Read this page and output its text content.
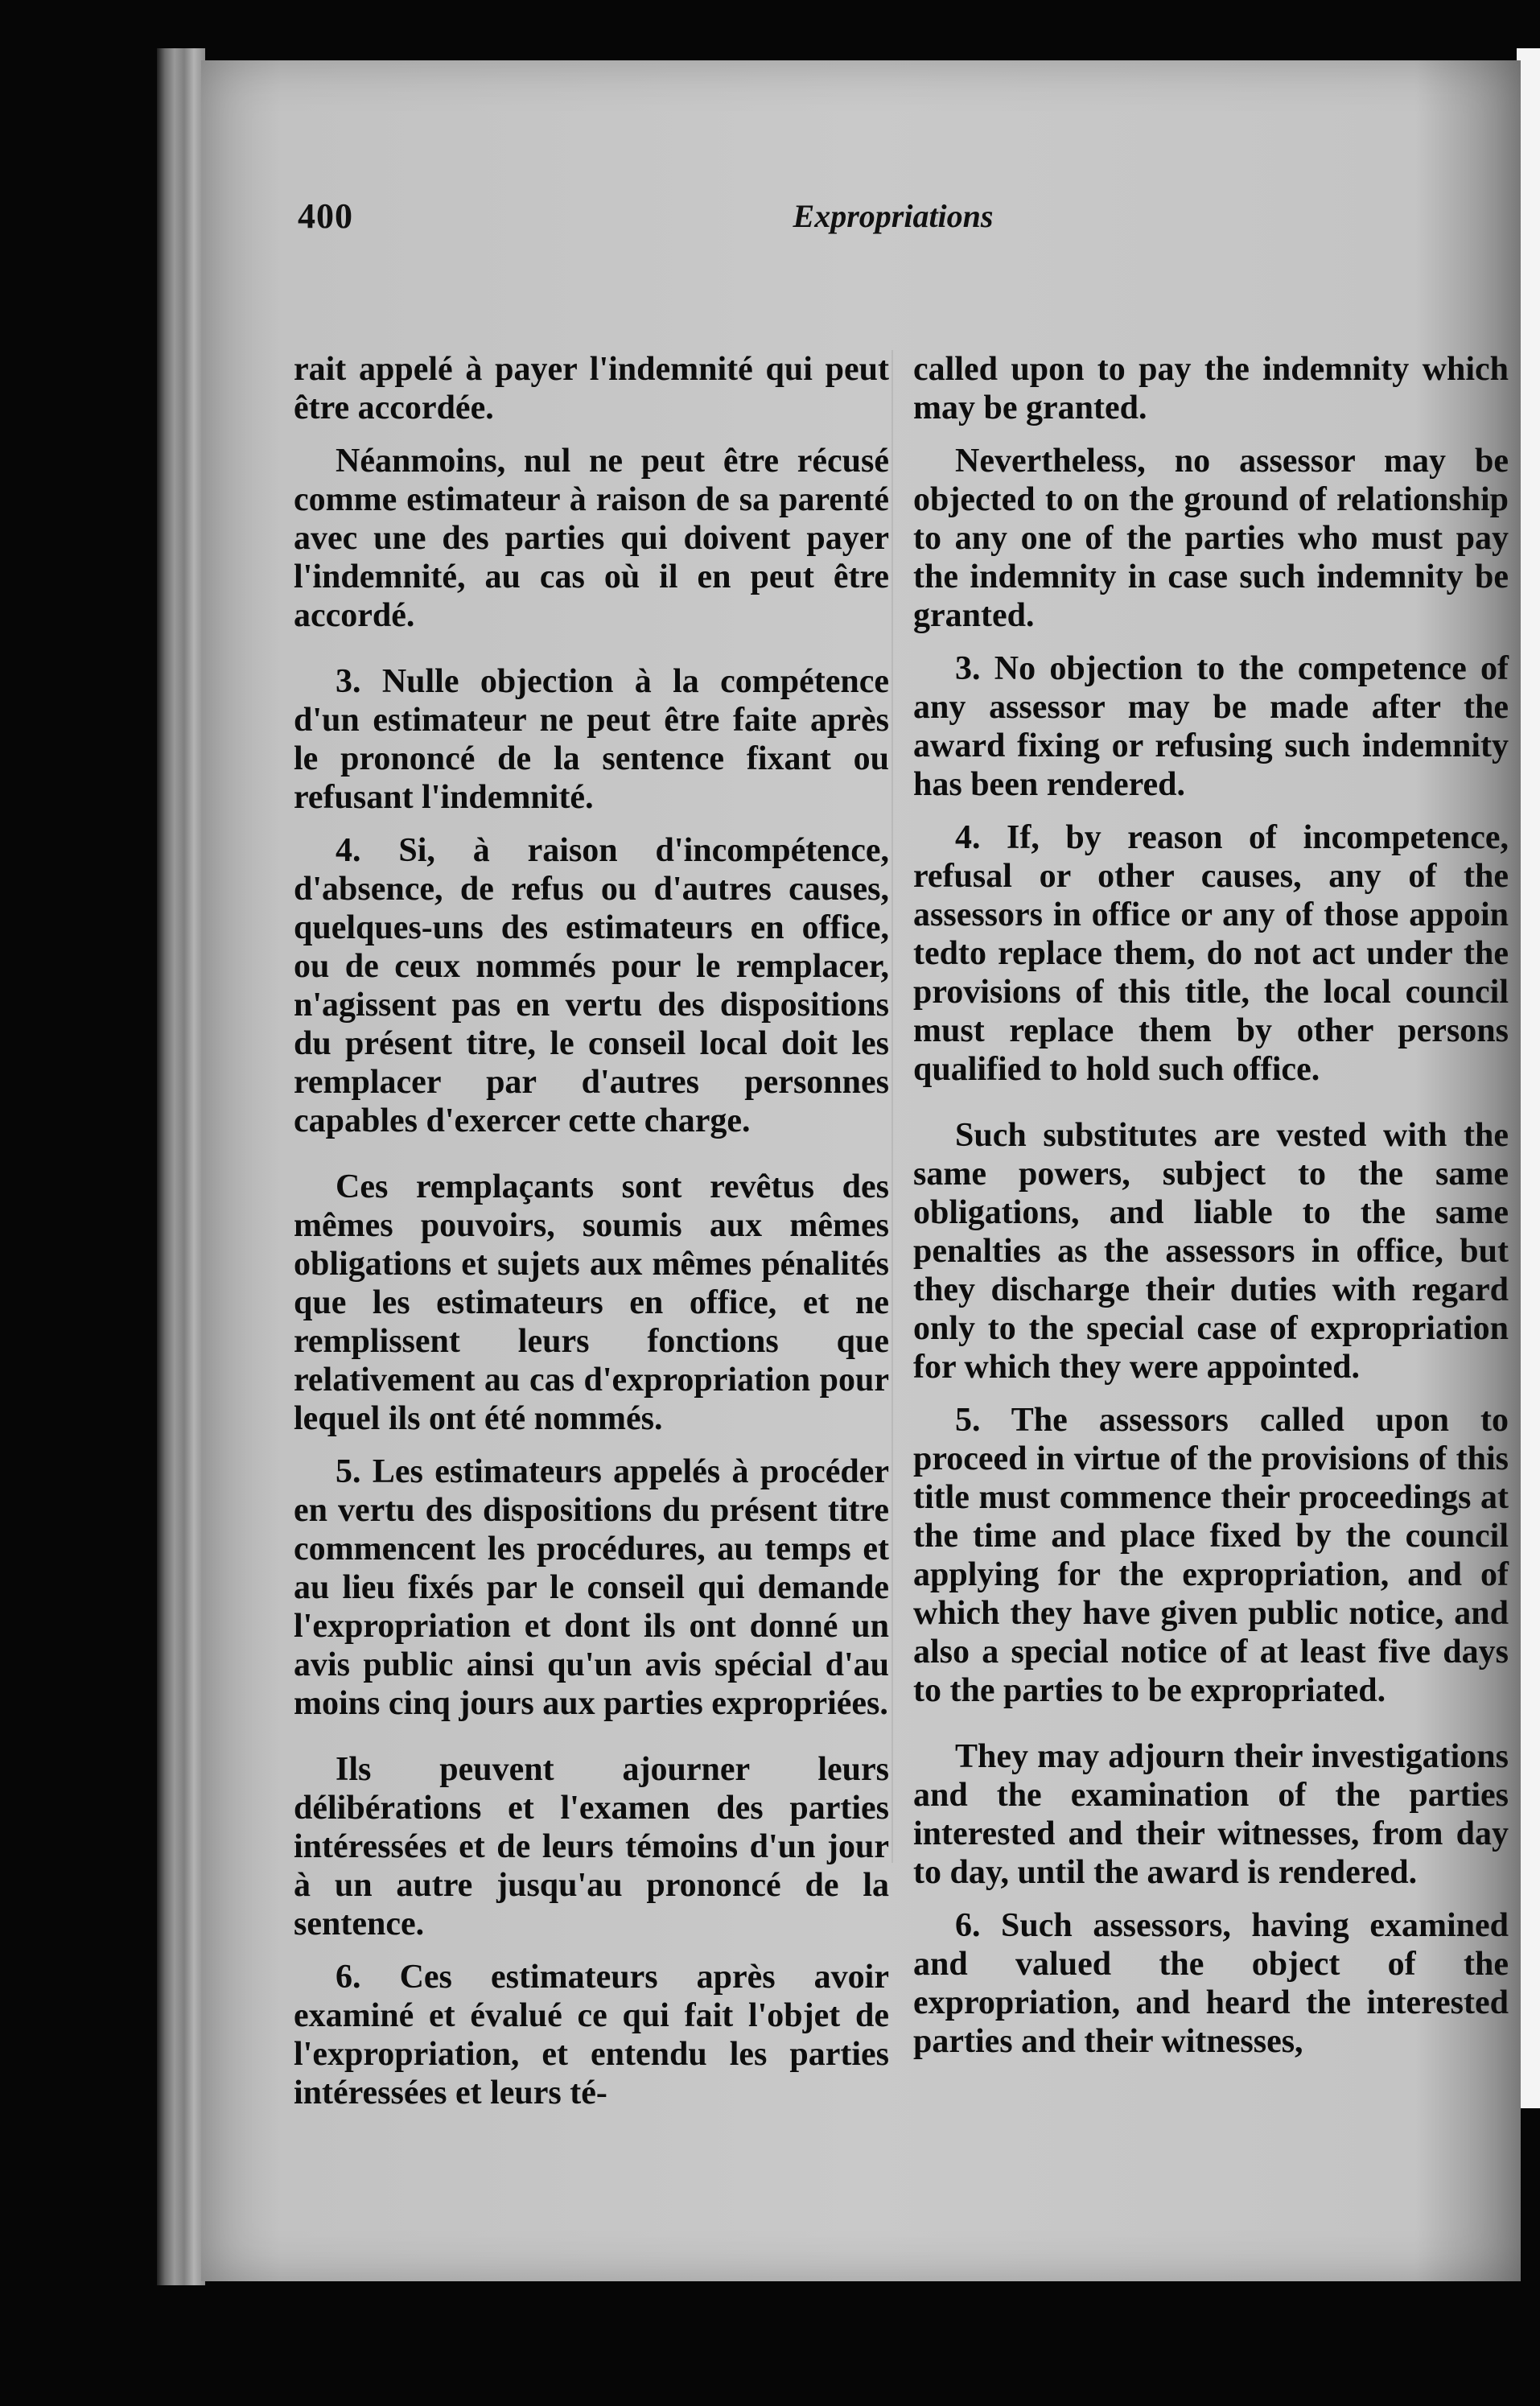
400	Expropriations

rait appelé à payer l'indemnité qui peut être accordée.

Néanmoins, nul ne peut être récusé comme estimateur à raison de sa parenté avec une des parties qui doivent payer l'indemnité, au cas où il en peut être accordé.

3. Nulle objection à la compétence d'un estimateur ne peut être faite après le prononcé de la sentence fixant ou refusant l'indemnité.

4. Si, à raison d'incompétence, d'absence, de refus ou d'autres causes, quelques-uns des estimateurs en office, ou de ceux nommés pour le remplacer, n'agissent pas en vertu des dispositions du présent titre, le conseil local doit les remplacer par d'autres personnes capables d'exercer cette charge.

Ces remplaçants sont revêtus des mêmes pouvoirs, soumis aux mêmes obligations et sujets aux mêmes pénalités que les estimateurs en office, et ne remplissent leurs fonctions que relativement au cas d'expropriation pour lequel ils ont été nommés.

5. Les estimateurs appelés à procéder en vertu des dispositions du présent titre commencent les procédures, au temps et au lieu fixés par le conseil qui demande l'expropriation et dont ils ont donné un avis public ainsi qu'un avis spécial d'au moins cinq jours aux parties expropriées.

Ils peuvent ajourner leurs délibérations et l'examen des parties intéressées et de leurs témoins d'un jour à un autre jusqu'au prononcé de la sentence.

6. Ces estimateurs après avoir examiné et évalué ce qui fait l'objet de l'expropriation, et entendu les parties intéressées et leurs té-

called upon to pay the indemnity which may be granted.

Nevertheless, no assessor may be objected to on the ground of relationship to any one of the parties who must pay the indemnity in case such indemnity be granted.

3. No objection to the competence of any assessor may be made after the award fixing or refusing such indemnity has been rendered.

4. If, by reason of incompetence, refusal or other causes, any of the assessors in office or any of those appoin tedto replace them, do not act under the provisions of this title, the local council must replace them by other persons qualified to hold such office.

Such substitutes are vested with the same powers, subject to the same obligations, and liable to the same penalties as the assessors in office, but they discharge their duties with regard only to the special case of expropriation for which they were appointed.

5. The assessors called upon to proceed in virtue of the provisions of this title must commence their proceedings at the time and place fixed by the council applying for the expropriation, and of which they have given public notice, and also a special notice of at least five days to the parties to be expropriated.

They may adjourn their investigations and the examination of the parties interested and their witnesses, from day to day, until the award is rendered.

6. Such assessors, having examined and valued the object of the expropriation, and heard the interested parties and their witnesses,
